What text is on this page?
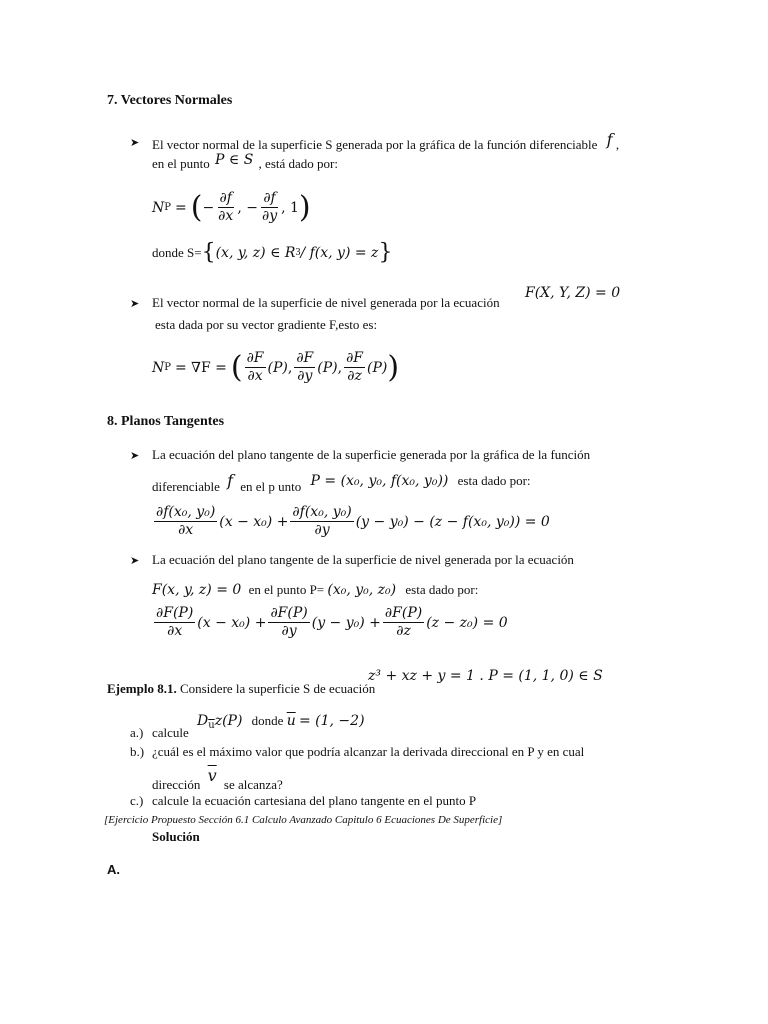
7. Vectores Normales
➤ El vector normal de la superficie S generada por la gráfica de la función diferenciable f ,
en el punto P ∈ S , está dado por:
N P = ( − $\frac{\partial f}{\partial x}$ , − $\frac{\partial f}{\partial y}$ , 1 )
donde S= { (x, y, z) ∈ R 3 / f(x, y) = z }
➤ El vector normal de la superficie de nivel generada por la ecuación
F(X, Y, Z) = 0
esta dada por su vector gradiente F,esto es:
N P = ∇F = ( $\frac{\partial F}{\partial x} (P)$ , $\frac{\partial F}{\partial y} (P)$ , $\frac{\partial F}{\partial z} (P)$ )
8. Planos Tangentes
➤ La ecuación del plano tangente de la superficie generada por la gráfica de la función
diferenciable f en el p unto P = (x₀, y₀, f(x₀, y₀)) esta dado por:
$\frac{\text{∂f(x₀, y₀)}}{\partial x} (x - x_0) + \frac{\text{∂f(x₀, y₀)}}{\partial y} (y - y_0) - (z - f(x_0$, y₀)) = 0
➤ La ecuación del plano tangente de la superficie de nivel generada por la ecuación
F(x, y, z) = 0 en el punto P= (x₀, y₀, z₀) esta dado por:
$\frac{\partial F(P)}{\partial x} (x - x_0) + \frac{\partial F(P)}{\partial y} (y - y_0) + \frac{\partial F(P)}{\partial z} (z - z_0) = 0$
Ejemplo 8.1. Considere la superficie S de ecuación
z³ + xz + y = 1 . P = (1, 1, 0) ∈ S
a.) calcule
$D_{\overline{u}}z(P)$ donde $\overline{u} = (1$, −2)
b.) ¿cuál es el máximo valor que podría alcanzar la derivada direccional en P y en cual
dirección $\overline{v}$ se alcanza?
c.) calcule la ecuación cartesiana del plano tangente en el punto P
[Ejercicio Propuesto Sección 6.1 Calculo Avanzado Capitulo 6 Ecuaciones De Superficie]
Solución
A.
